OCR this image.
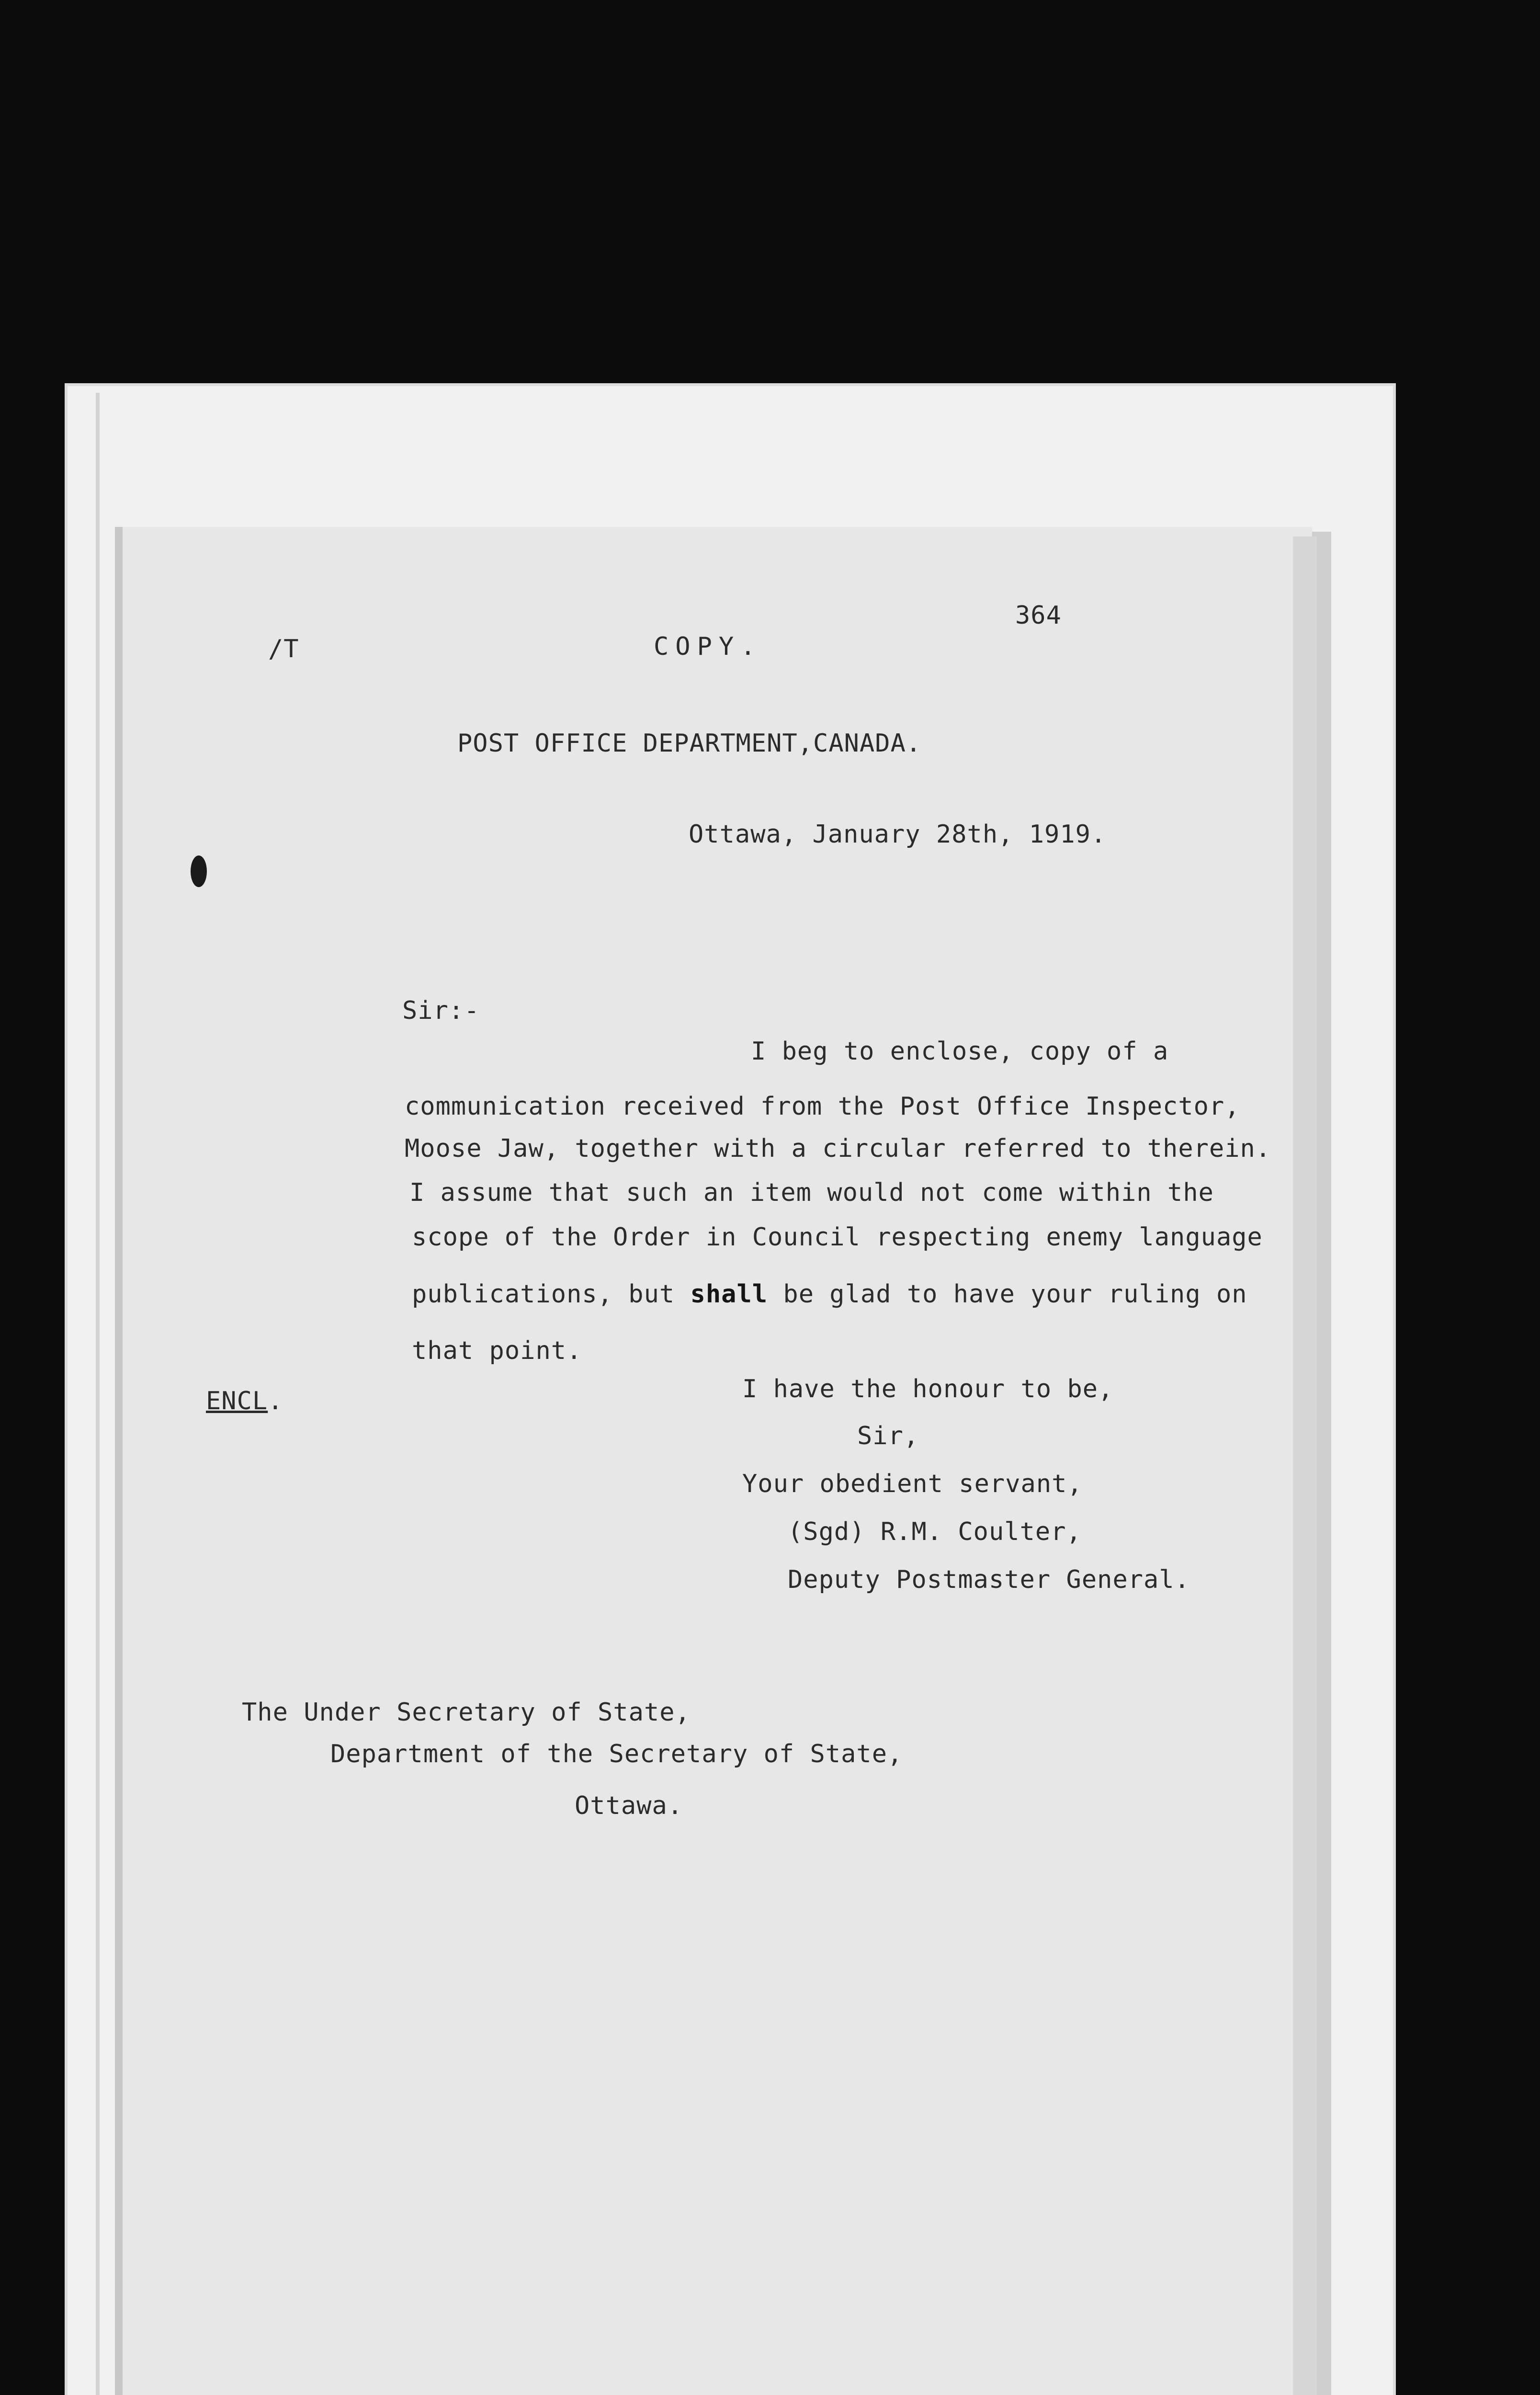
/T	COPY.
364
POST OFFICE DEPARTMENT,CANADA.
Ottawa, January 28th, 1919.
Sir:-
I beg to enclose, copy of a
communication received from the Post Office Inspector,
Moose Jaw, together with a circular referred to therein.
I assume that such an item would not come within the
scope of the Order in Council respecting enemy language
publications, but shall be glad to have your ruling on
that point.
ENCL.	I have the honour to be,
Sir,
Your obedient servant,
(Sgd) R.M. Coulter,
Deputy Postmaster General.
The Under Secretary of State,
Department of the Secretary of State,
Ottawa.
